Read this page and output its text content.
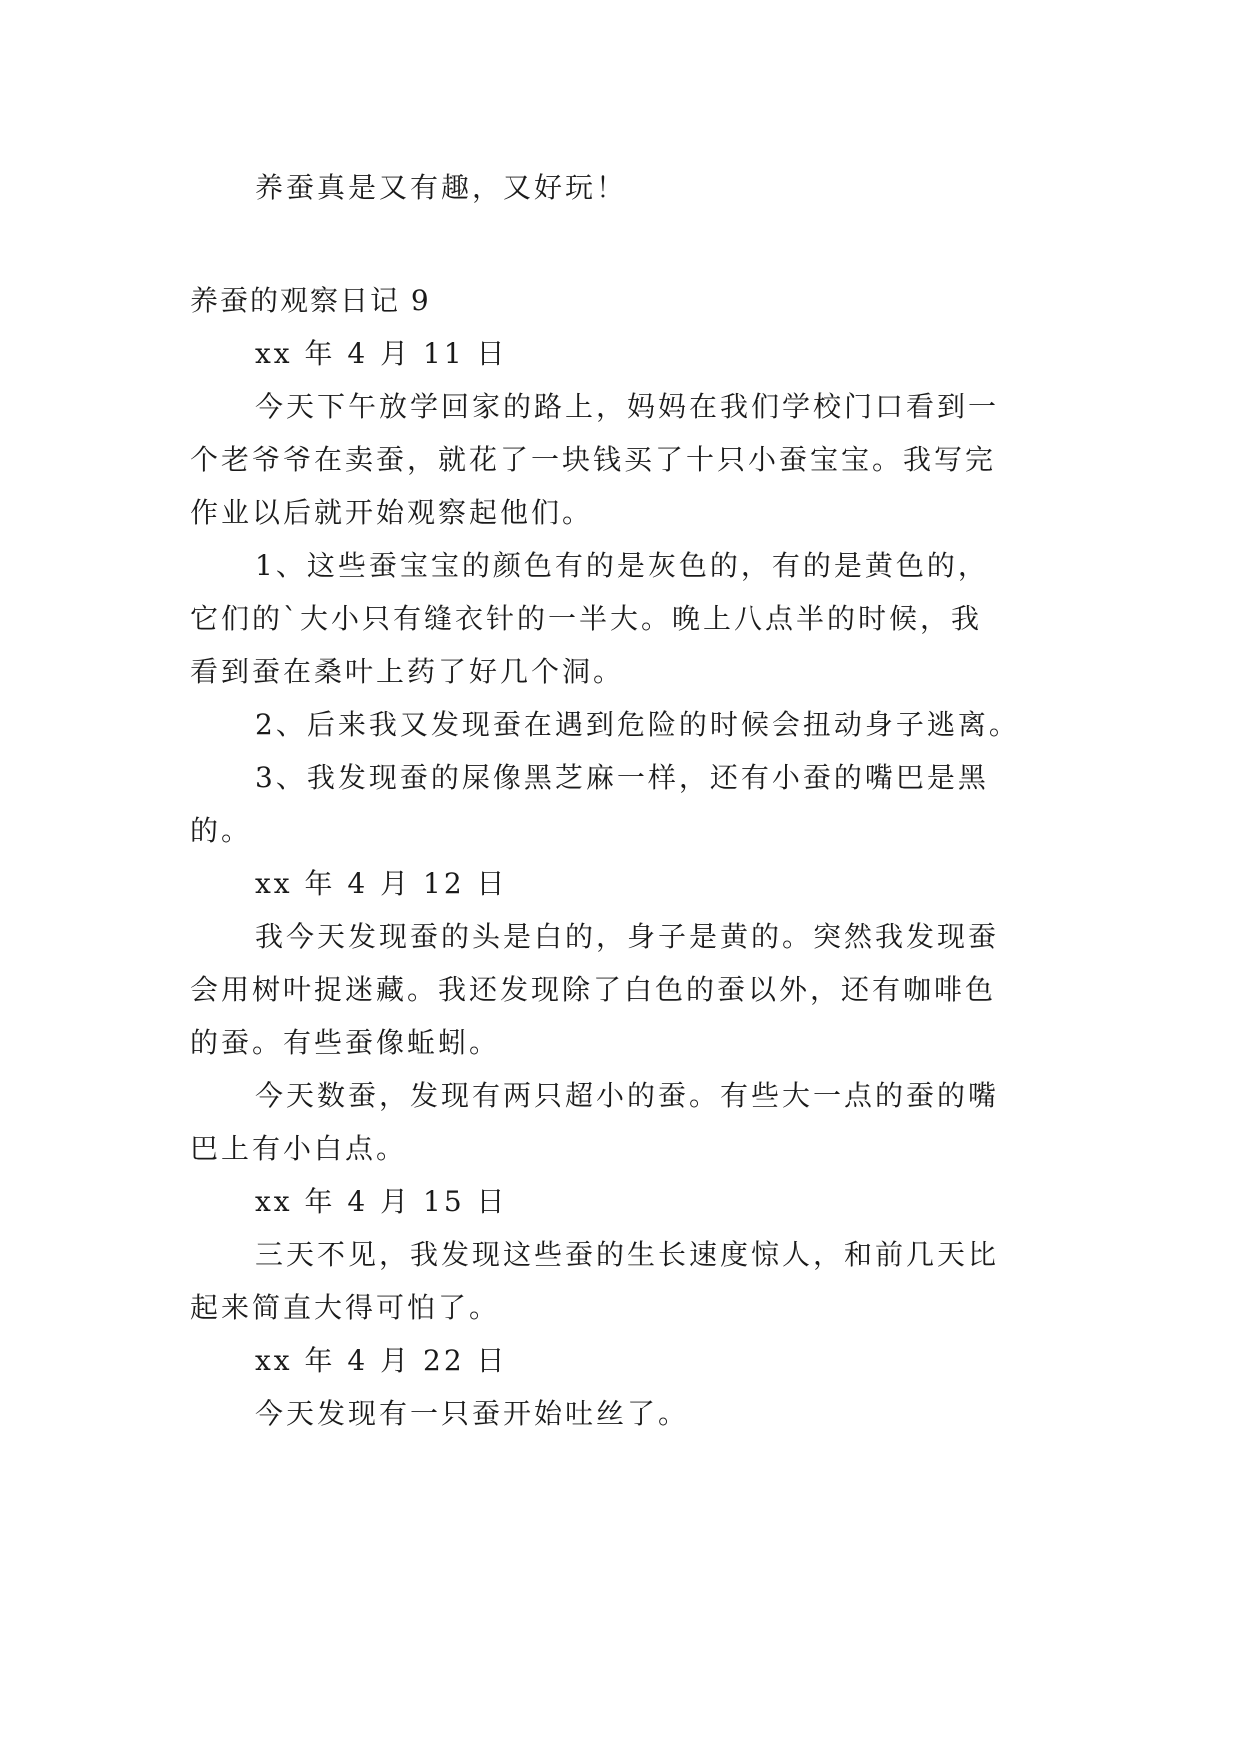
养蚕真是又有趣，又好玩！
养蚕的观察日记 9
xx 年 4 月 11 日
今天下午放学回家的路上，妈妈在我们学校门口看到一
个老爷爷在卖蚕，就花了一块钱买了十只小蚕宝宝。我写完
作业以后就开始观察起他们。
1、这些蚕宝宝的颜色有的是灰色的，有的是黄色的，
它们的`大小只有缝衣针的一半大。晚上八点半的时候，我
看到蚕在桑叶上药了好几个洞。
2、后来我又发现蚕在遇到危险的时候会扭动身子逃离。
3、我发现蚕的屎像黑芝麻一样，还有小蚕的嘴巴是黑
的。
xx 年 4 月 12 日
我今天发现蚕的头是白的，身子是黄的。突然我发现蚕
会用树叶捉迷藏。我还发现除了白色的蚕以外，还有咖啡色
的蚕。有些蚕像蚯蚓。
今天数蚕，发现有两只超小的蚕。有些大一点的蚕的嘴
巴上有小白点。
xx 年 4 月 15 日
三天不见，我发现这些蚕的生长速度惊人，和前几天比
起来简直大得可怕了。
xx 年 4 月 22 日
今天发现有一只蚕开始吐丝了。
